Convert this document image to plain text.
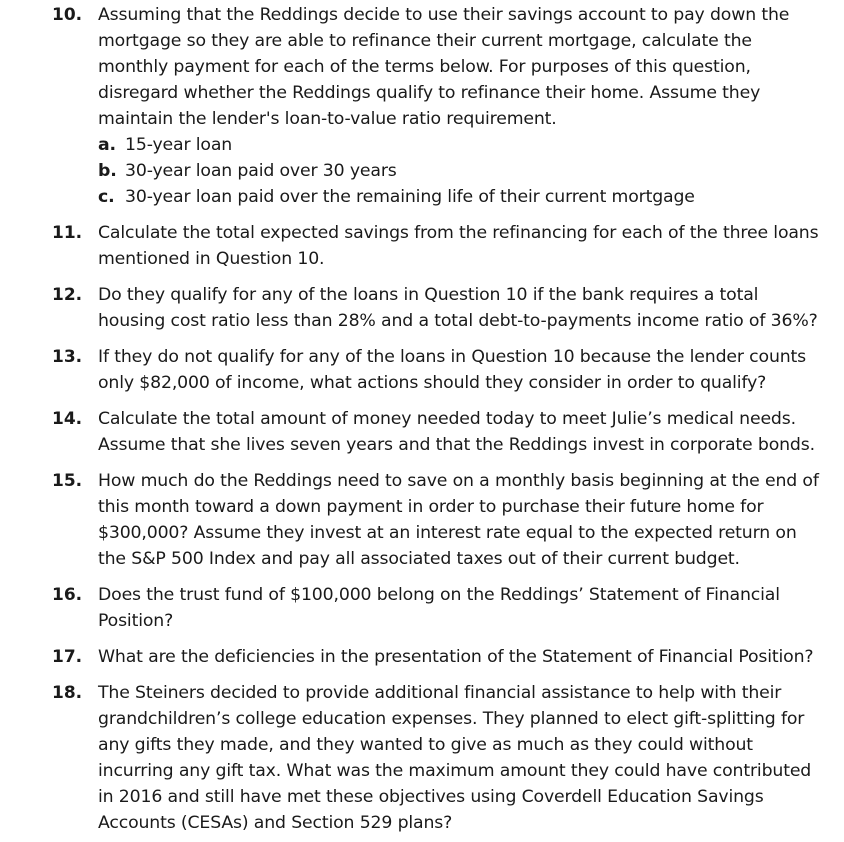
10. Assuming that the Reddings decide to use their savings account to pay down the mortgage so they are able to refinance their current mortgage, calculate the monthly payment for each of the terms below. For purposes of this question, disregard whether the Reddings qualify to refinance their home. Assume they maintain the lender's loan-to-value ratio requirement.
a. 15-year loan
b. 30-year loan paid over 30 years
c. 30-year loan paid over the remaining life of their current mortgage
11. Calculate the total expected savings from the refinancing for each of the three loans mentioned in Question 10.
12. Do they qualify for any of the loans in Question 10 if the bank requires a total housing cost ratio less than 28% and a total debt-to-payments income ratio of 36%?
13. If they do not qualify for any of the loans in Question 10 because the lender counts only $82,000 of income, what actions should they consider in order to qualify?
14. Calculate the total amount of money needed today to meet Julie’s medical needs. Assume that she lives seven years and that the Reddings invest in corporate bonds.
15. How much do the Reddings need to save on a monthly basis beginning at the end of this month toward a down payment in order to purchase their future home for $300,000? Assume they invest at an interest rate equal to the expected return on the S&P 500 Index and pay all associated taxes out of their current budget.
16. Does the trust fund of $100,000 belong on the Reddings’ Statement of Financial Position?
17. What are the deficiencies in the presentation of the Statement of Financial Position?
18. The Steiners decided to provide additional financial assistance to help with their grandchildren’s college education expenses. They planned to elect gift-splitting for any gifts they made, and they wanted to give as much as they could without incurring any gift tax. What was the maximum amount they could have contributed in 2016 and still have met these objectives using Coverdell Education Savings Accounts (CESAs) and Section 529 plans?
